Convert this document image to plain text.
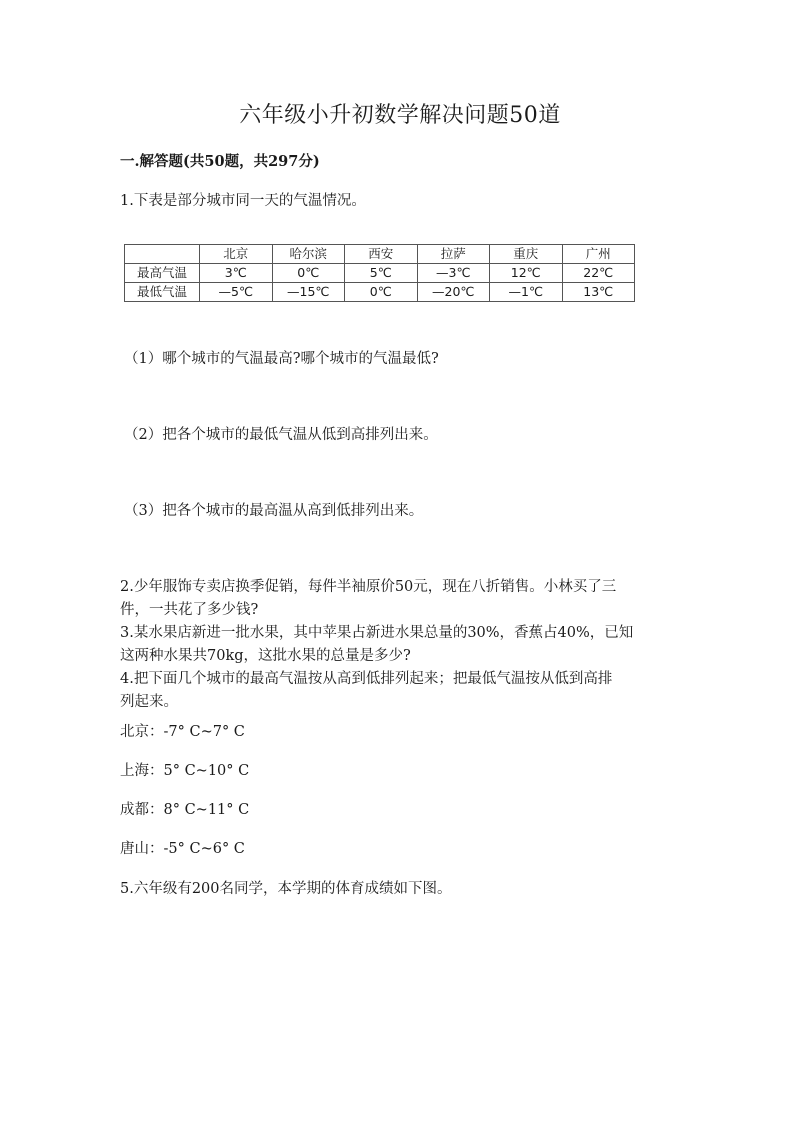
六年级小升初数学解决问题50道
一.解答题(共50题，共297分)
1.下表是部分城市同一天的气温情况。
	北京	哈尔滨	西安	拉萨	重庆	广州
最高气温	3℃	0℃	5℃	—3℃	12℃	22℃
最低气温	—5℃	—15℃	0℃	—20℃	—1℃	13℃
（1）哪个城市的气温最高?哪个城市的气温最低?
（2）把各个城市的最低气温从低到高排列出来。
（3）把各个城市的最高温从高到低排列出来。
2.少年服饰专卖店换季促销，每件半袖原价50元，现在八折销售。小林买了三
件，一共花了多少钱?
3.某水果店新进一批水果，其中苹果占新进水果总量的30%，香蕉占40%，已知
这两种水果共70kg，这批水果的总量是多少?
4.把下面几个城市的最高气温按从高到低排列起来；把最低气温按从低到高排
列起来。
北京：-7° C~7° C
上海：5° C~10° C
成都：8° C~11° C
唐山：-5° C~6° C
5.六年级有200名同学，本学期的体育成绩如下图。
